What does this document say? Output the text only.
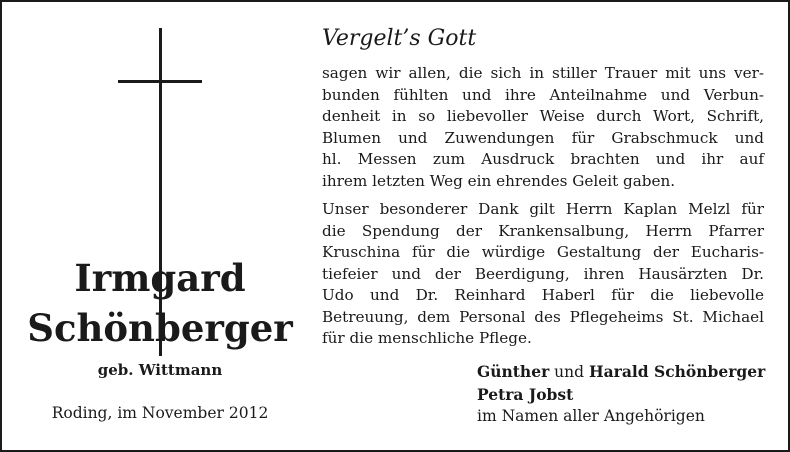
Irmgard
Schönberger
geb. Wittmann
Roding, im November 2012
Vergelt’s Gott
sagen wir allen, die sich in stiller Trauer mit uns ver-
bunden fühlten und ihre Anteilnahme und Verbun-
denheit in so liebevoller Weise durch Wort, Schrift,
Blumen und Zuwendungen für Grabschmuck und
hl. Messen zum Ausdruck brachten und ihr auf
ihrem letzten Weg ein ehrendes Geleit gaben.
Unser besonderer Dank gilt Herrn Kaplan Melzl für
die Spendung der Krankensalbung, Herrn Pfarrer
Kruschina für die würdige Gestaltung der Eucharis-
tiefeier und der Beerdigung, ihren Hausärzten Dr.
Udo und Dr. Reinhard Haberl für die liebevolle
Betreuung, dem Personal des Pflegeheims St. Michael
für die menschliche Pflege.
Günther und Harald Schönberger
Petra Jobst
im Namen aller Angehörigen
